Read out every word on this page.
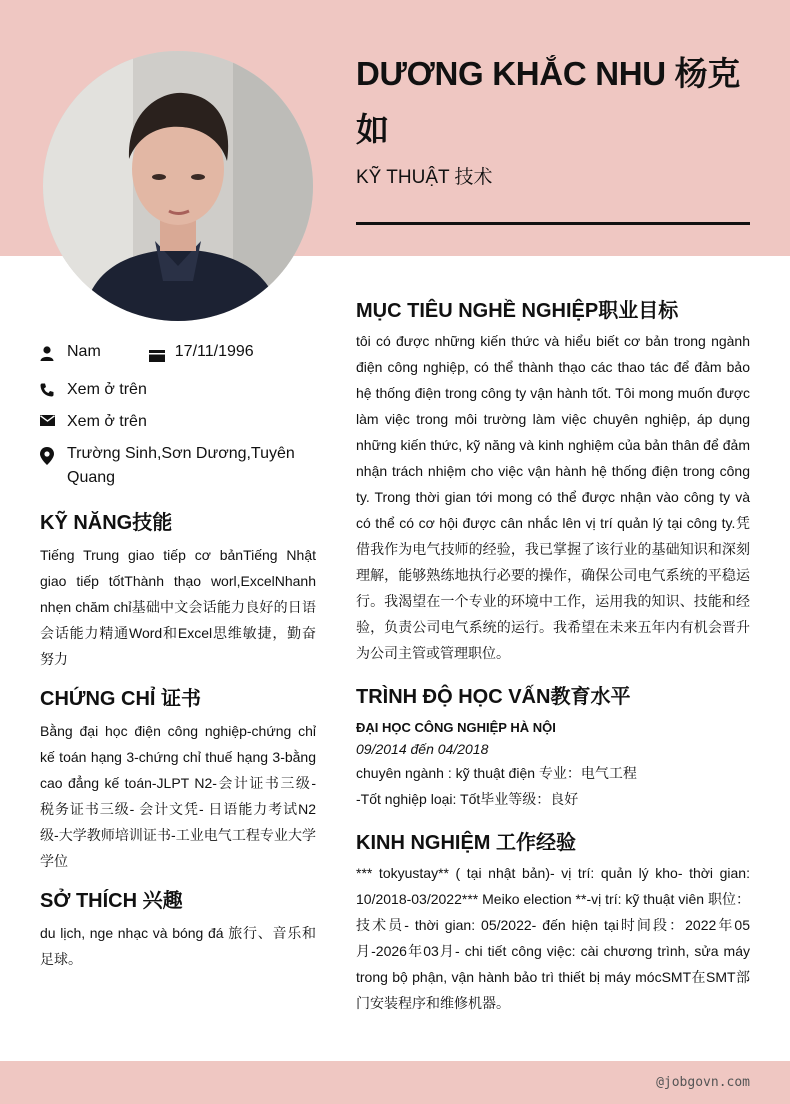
DƯƠNG KHẮC NHU 杨克如
KỸ THUẬT 技术
Nam	17/11/1996
Xem ở trên
Xem ở trên
Trường Sinh,Sơn Dương,Tuyên Quang
KỸ NĂNG技能
Tiếng Trung giao tiếp cơ bảnTiếng Nhật giao tiếp tốtThành thạo worl,ExcelNhanh nhẹn chăm chỉ基础中文会话能力良好的日语会话能力精通Word和Excel思维敏捷，勤奋努力
CHỨNG CHỈ 证书
Bằng đại học điện công nghiệp-chứng chỉ kế toán hạng 3-chứng chỉ thuế hạng 3-bằng cao đẳng kế toán-JLPT N2-会计证书三级- 税务证书三级- 会计文凭- 日语能力考试N2级-大学教师培训证书-工业电气工程专业大学学位
SỞ THÍCH 兴趣
du lịch, nge nhạc và bóng đá 旅行、音乐和足球。
MỤC TIÊU NGHỀ NGHIỆP职业目标
tôi có được những kiến thức và hiểu biết cơ bản trong ngành điện công nghiệp, có thể thành thạo các thao tác để đảm bảo hệ thống điện trong công ty vận hành tốt. Tôi mong muốn được làm việc trong môi trường làm việc chuyên nghiệp, áp dụng những kiến thức, kỹ năng và kinh nghiệm của bản thân để đảm nhận trách nhiệm cho việc vận hành hệ thống điện trong công ty. Trong thời gian tới mong có thể được nhận vào công ty và có thể có cơ hội được cân nhắc lên vị trí quản lý tại công ty.凭借我作为电气技师的经验，我已掌握了该行业的基础知识和深刻理解，能够熟练地执行必要的操作，确保公司电气系统的平稳运行。我渴望在一个专业的环境中工作，运用我的知识、技能和经验，负责公司电气系统的运行。我希望在未来五年内有机会晋升为公司主管或管理职位。
TRÌNH ĐỘ HỌC VẤN教育水平
ĐẠI HỌC CÔNG NGHIỆP HÀ NỘI
09/2014 đến 04/2018
chuyên ngành : kỹ thuật điện 专业：电气工程
-Tốt nghiệp loại: Tốt毕业等级：良好
KINH NGHIỆM 工作经验
*** tokyustay** ( tại nhật bản)- vị trí: quản lý kho- thời gian: 10/2018-03/2022*** Meiko election **-vị trí: kỹ thuật viên 职位：技术员- thời gian: 05/2022- đến hiện tại时间段：2022年05月-2026年03月- chi tiết công việc: cài chương trình, sửa máy trong bộ phận, vận hành bảo trì thiết bị máy mócSMT在SMT部门安装程序和维修机器。
@jobgovn.com
